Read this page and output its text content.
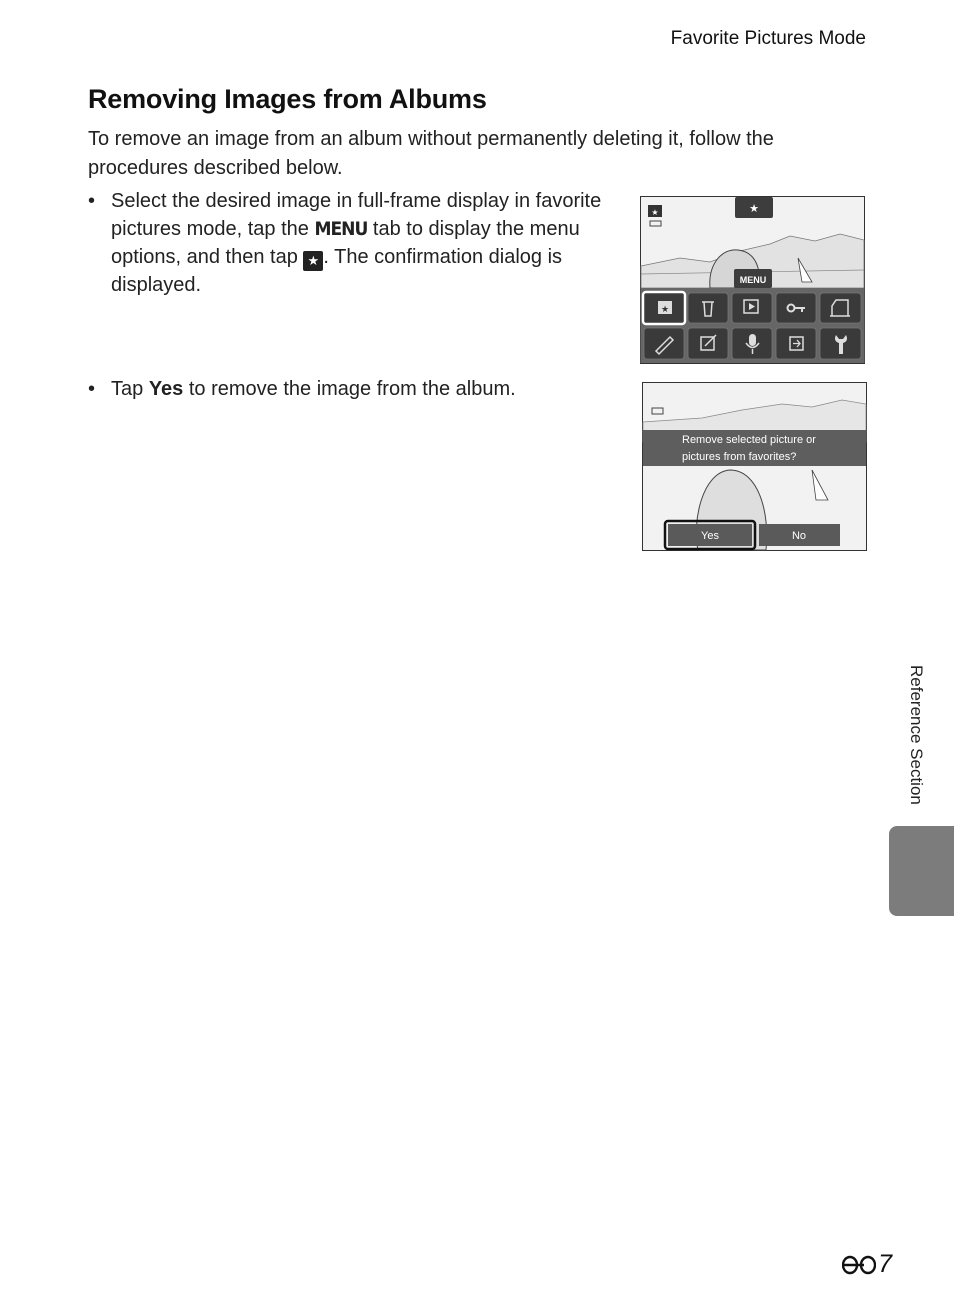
Favorite Pictures Mode
Removing Images from Albums

To remove an image from an album without permanently deleting it, follow the procedures described below.

• Select the desired image in full-frame display in favorite pictures mode, tap the MENU tab to display the menu options, and then tap ★ . The confirmation dialog is displayed.
• Tap Yes to remove the image from the album.
★	★
MENU
★
Remove selected picture or
pictures from favorites?
Yes	No
Reference Section
7
